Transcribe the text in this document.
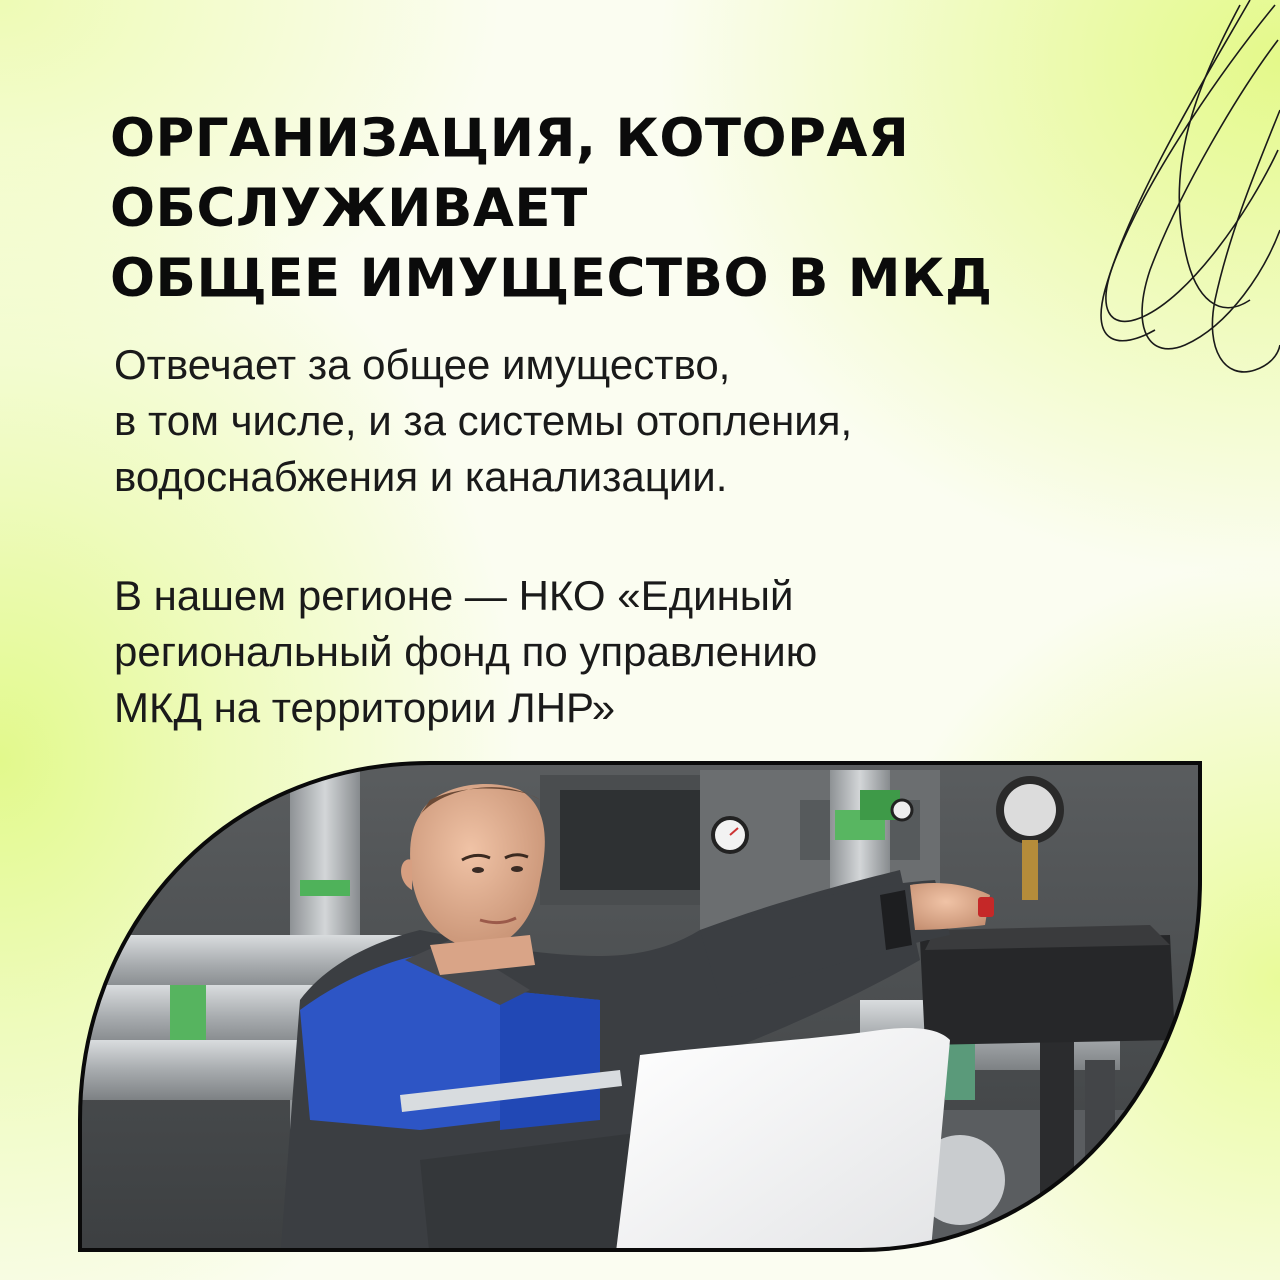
ОРГАНИЗАЦИЯ, КОТОРАЯ
ОБСЛУЖИВАЕТ
ОБЩЕЕ ИМУЩЕСТВО В МКД

Отвечает за общее имущество,
в том числе, и за системы отопления,
водоснабжения и канализации.

В нашем регионе — НКО «Единый
региональный фонд по управлению
МКД на территории ЛНР»
